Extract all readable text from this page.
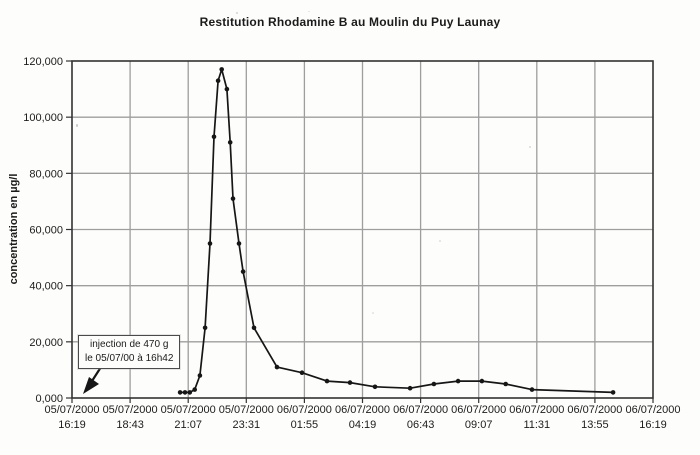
Restitution Rhodamine B au Moulin du Puy Launay
concentration en µg/l
0,000
20,000
40,000
60,000
80,000
100,000
120,000
05/07/2000
16:19
05/07/2000
18:43
05/07/2000
21:07
05/07/2000
23:31
06/07/2000
01:55
06/07/2000
04:19
06/07/2000
06:43
06/07/2000
09:07
06/07/2000
11:31
06/07/2000
13:55
06/07/2000
16:19
injection de 470 g
le 05/07/00 à 16h42
